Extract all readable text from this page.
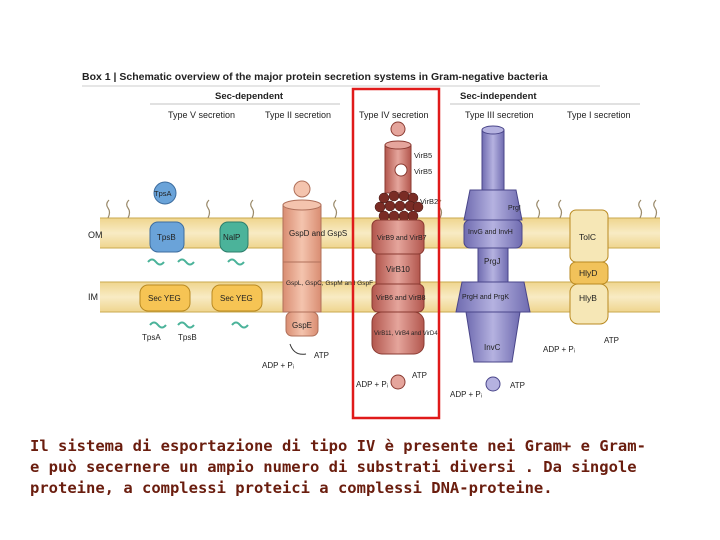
Box 1 | Schematic overview of the major protein secretion systems in Gram-negative bacteria
Sec-dependent	Sec-independent
Type V secretion	Type II secretion	Type IV secretion	Type III secretion	Type I secretion
OM
IM
TpsA
TpsB	NalP
Sec YEG	Sec YEG
TpsA TpsB
GspD and GspS
GspL, GspC, GspM and GspF
GspE
ATP
ADP + Pᵢ
VirB5
VirB5
VirB2
VirB9 and VirB7
VirB10
VirB6 and VirB8
VirB11, VirB4 and VirD4
ATP
ADP + Pᵢ
PrgI
InvG and InvH
PrgJ
PrgH and PrgK
InvC
ATP
ADP + Pᵢ
TolC
HlyD
HlyB
ATP
ADP + Pᵢ
Il sistema di esportazione di tipo IV è presente nei Gram+ e Gram-
e può secernere un ampio numero di substrati diversi . Da singole
proteine, a complessi proteici a complessi DNA-proteine.
